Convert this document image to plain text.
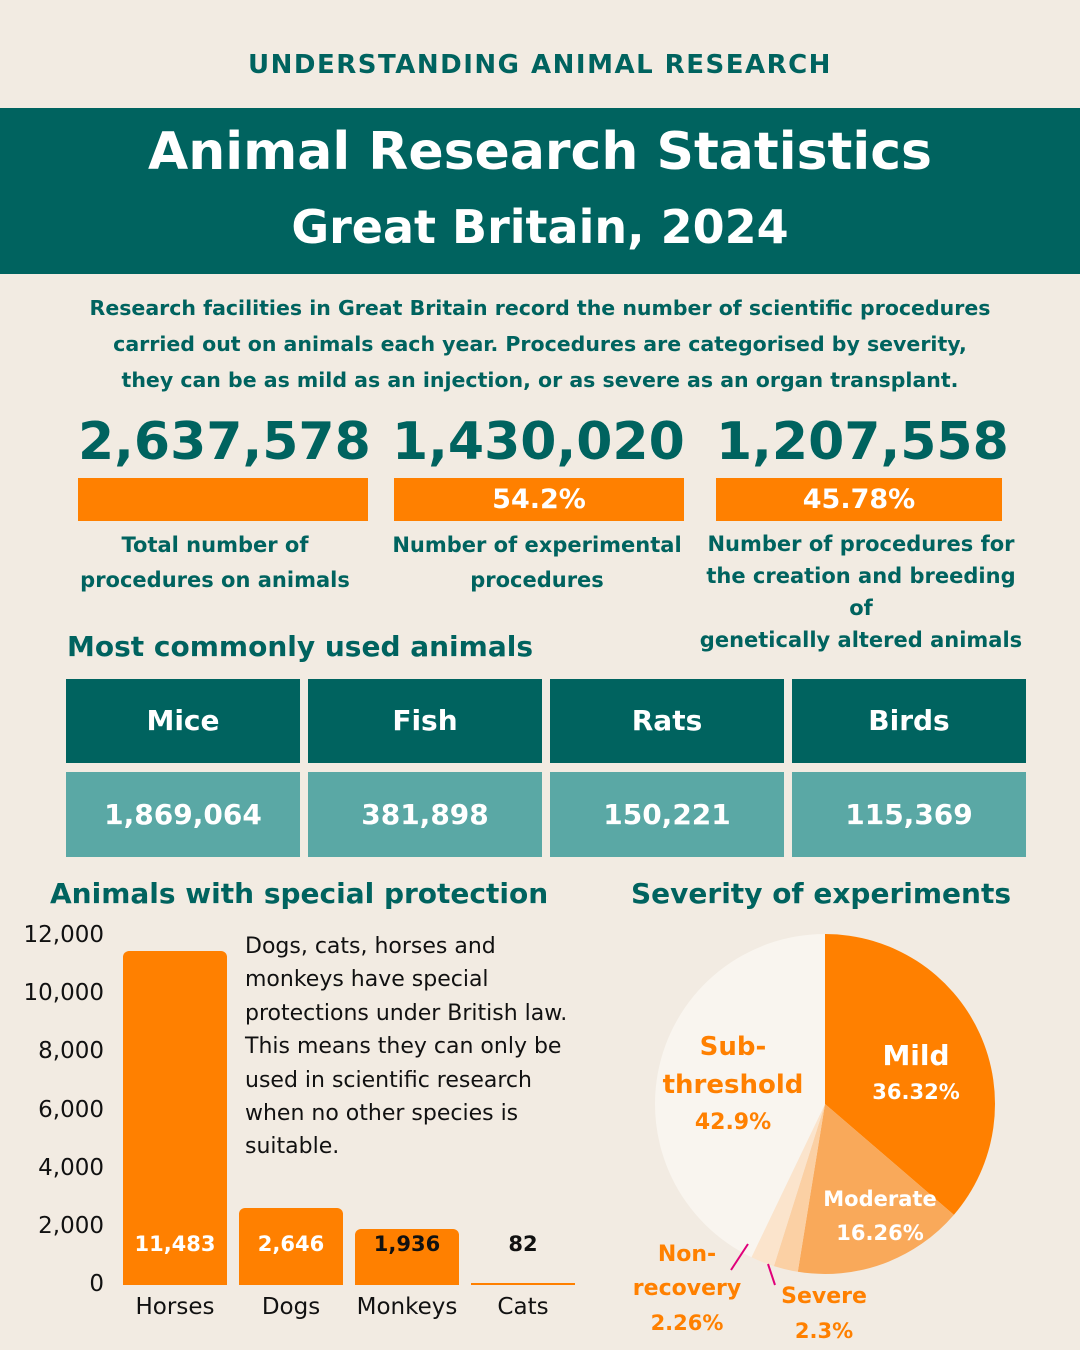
UNDERSTANDING ANIMAL RESEARCH
Animal Research Statistics
Great Britain, 2024
Research facilities in Great Britain record the number of scientific procedures
carried out on animals each year. Procedures are categorised by severity,
they can be as mild as an injection, or as severe as an organ transplant.
2,637,578
Total number of
procedures on animals
1,430,020
54.2%
Number of experimental
procedures
1,207,558
45.78%
Number of procedures for
the creation and breeding of
genetically altered animals
Most commonly used animals
Mice	Fish	Rats	Birds
1,869,064	381,898	150,221	115,369
Animals with special protection
0
2,000
4,000
6,000
8,000
10,000
12,000
11,483
Horses
2,646
Dogs
1,936
Monkeys
82
Cats
Dogs, cats, horses and
monkeys have special
protections under British law.
This means they can only be
used in scientific research
when no other species is
suitable.
Severity of experiments
Mild
36.32%
Moderate
16.26%
Severe
2.3%
Non-
recovery
2.26%
Sub-
threshold
42.9%
